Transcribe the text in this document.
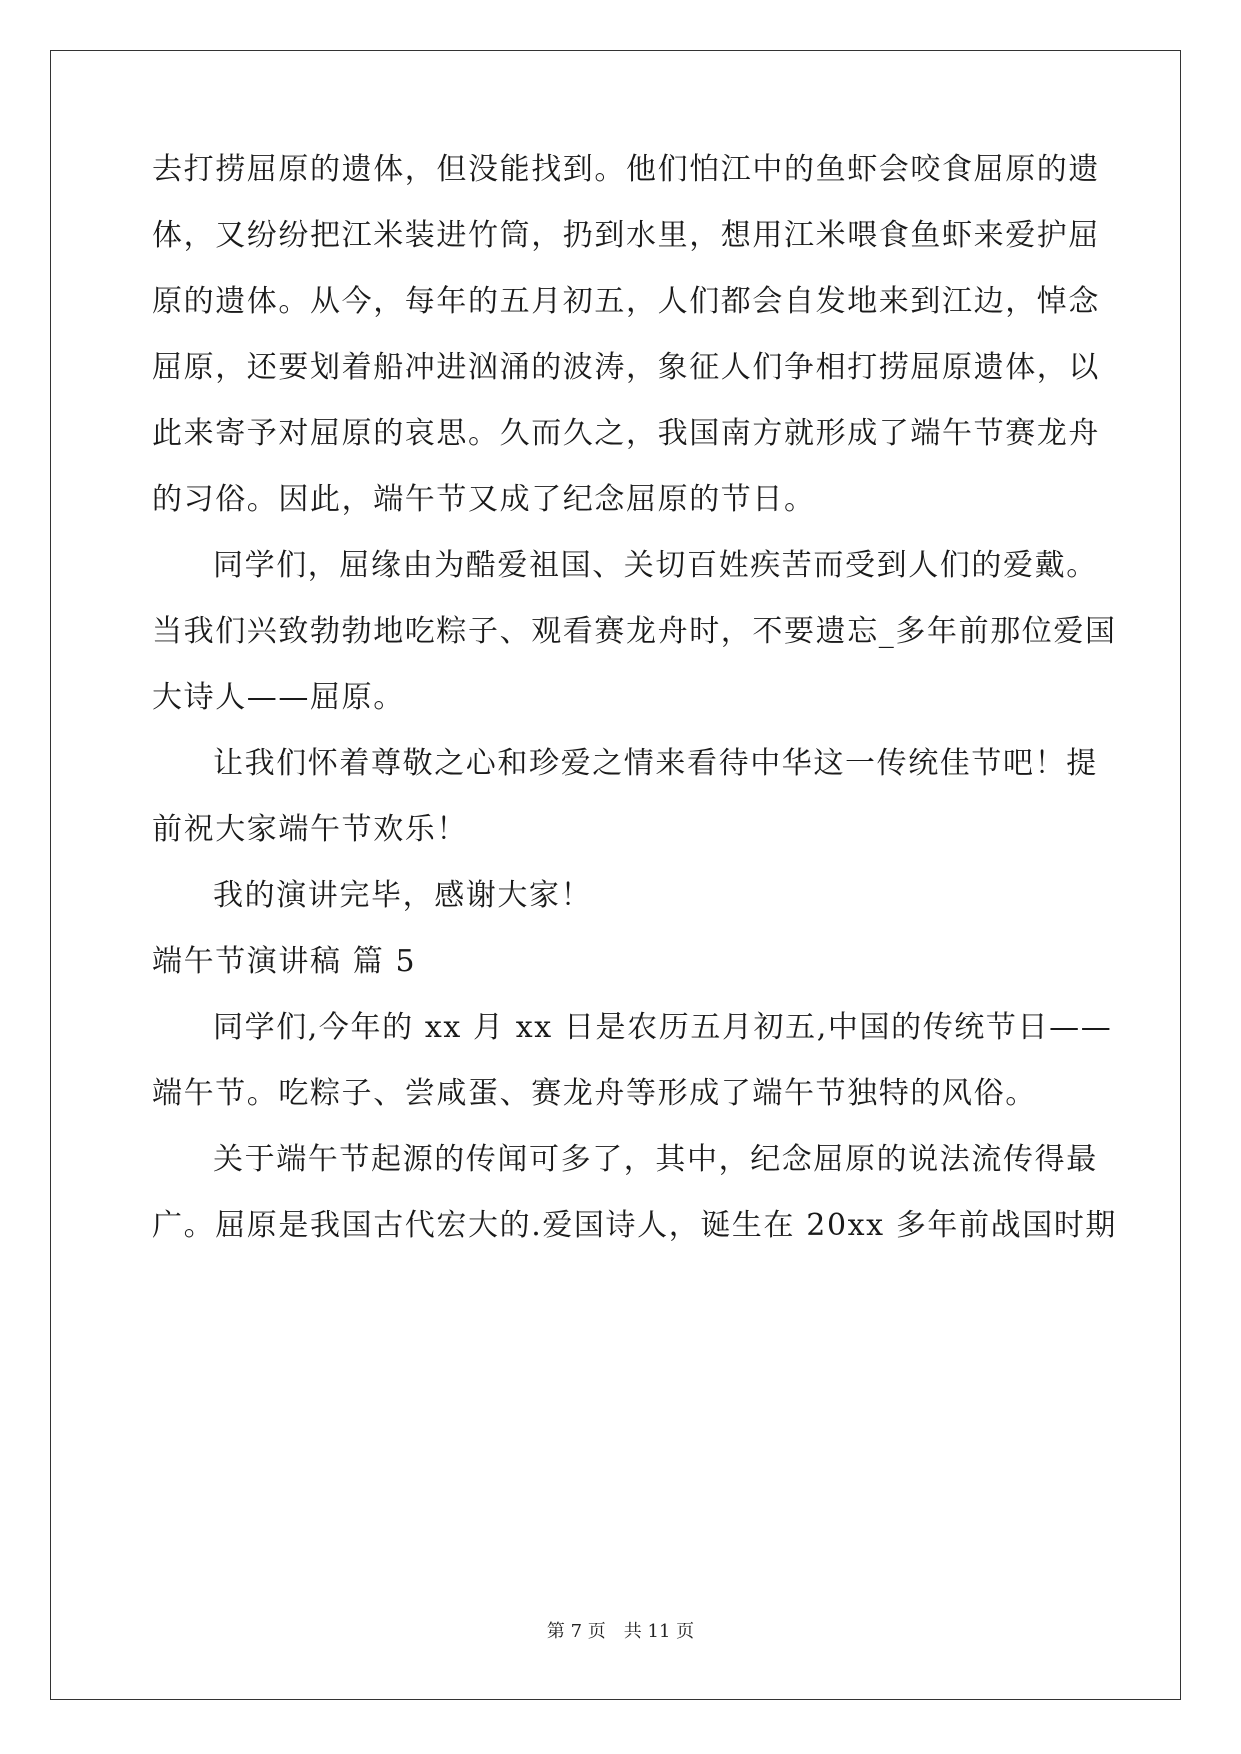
去打捞屈原的遗体，但没能找到。他们怕江中的鱼虾会咬食屈原的遗
体，又纷纷把江米装进竹筒，扔到水里，想用江米喂食鱼虾来爱护屈
原的遗体。从今，每年的五月初五，人们都会自发地来到江边，悼念
屈原，还要划着船冲进汹涌的波涛，象征人们争相打捞屈原遗体，以
此来寄予对屈原的哀思。久而久之，我国南方就形成了端午节赛龙舟
的习俗。因此，端午节又成了纪念屈原的节日。
同学们，屈缘由为酷爱祖国、关切百姓疾苦而受到人们的爱戴。
当我们兴致勃勃地吃粽子、观看赛龙舟时，不要遗忘_多年前那位爱国
大诗人——屈原。
让我们怀着尊敬之心和珍爱之情来看待中华这一传统佳节吧！提
前祝大家端午节欢乐！
我的演讲完毕，感谢大家！
端午节演讲稿 篇 5
同学们,今年的 xx 月 xx 日是农历五月初五,中国的传统节日——
端午节。吃粽子、尝咸蛋、赛龙舟等形成了端午节独特的风俗。
关于端午节起源的传闻可多了，其中，纪念屈原的说法流传得最
广。屈原是我国古代宏大的.爱国诗人，诞生在 20xx 多年前战国时期
第 7 页 共 11 页
